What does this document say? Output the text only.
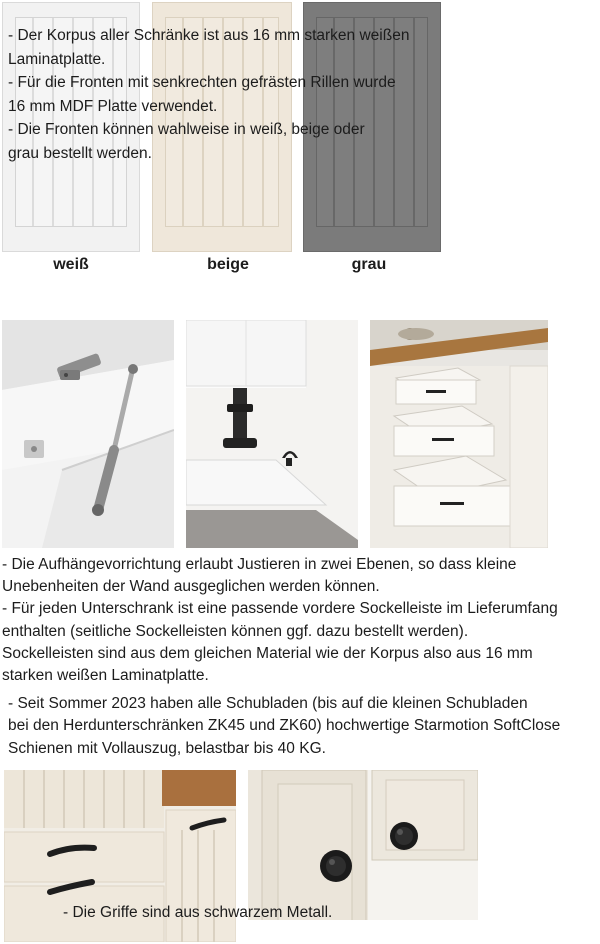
- Der Korpus aller Schränke ist aus 16 mm starken weißen
Laminatplatte.
- Für die Fronten mit senkrechten gefrästen Rillen wurde
16 mm MDF Platte verwendet.
- Die Fronten können wahlweise in weiß, beige oder
grau bestellt werden.
weiß	beige	grau
- Die Aufhängevorrichtung erlaubt Justieren in zwei Ebenen, so dass kleine
Unebenheiten der Wand ausgeglichen werden können.
- Für jeden Unterschrank ist eine passende vordere Sockelleiste im Lieferumfang
enthalten (seitliche Sockelleisten können ggf. dazu bestellt werden).
Sockelleisten sind aus dem gleichen Material wie der Korpus also aus 16 mm
starken weißen Laminatplatte.
- Seit Sommer 2023 haben alle Schubladen (bis auf die kleinen Schubladen
bei den Herdunterschränken ZK45 und ZK60) hochwertige Starmotion SoftClose
Schienen mit Vollauszug, belastbar bis 40 KG.
- Die Griffe sind aus schwarzem Metall.
